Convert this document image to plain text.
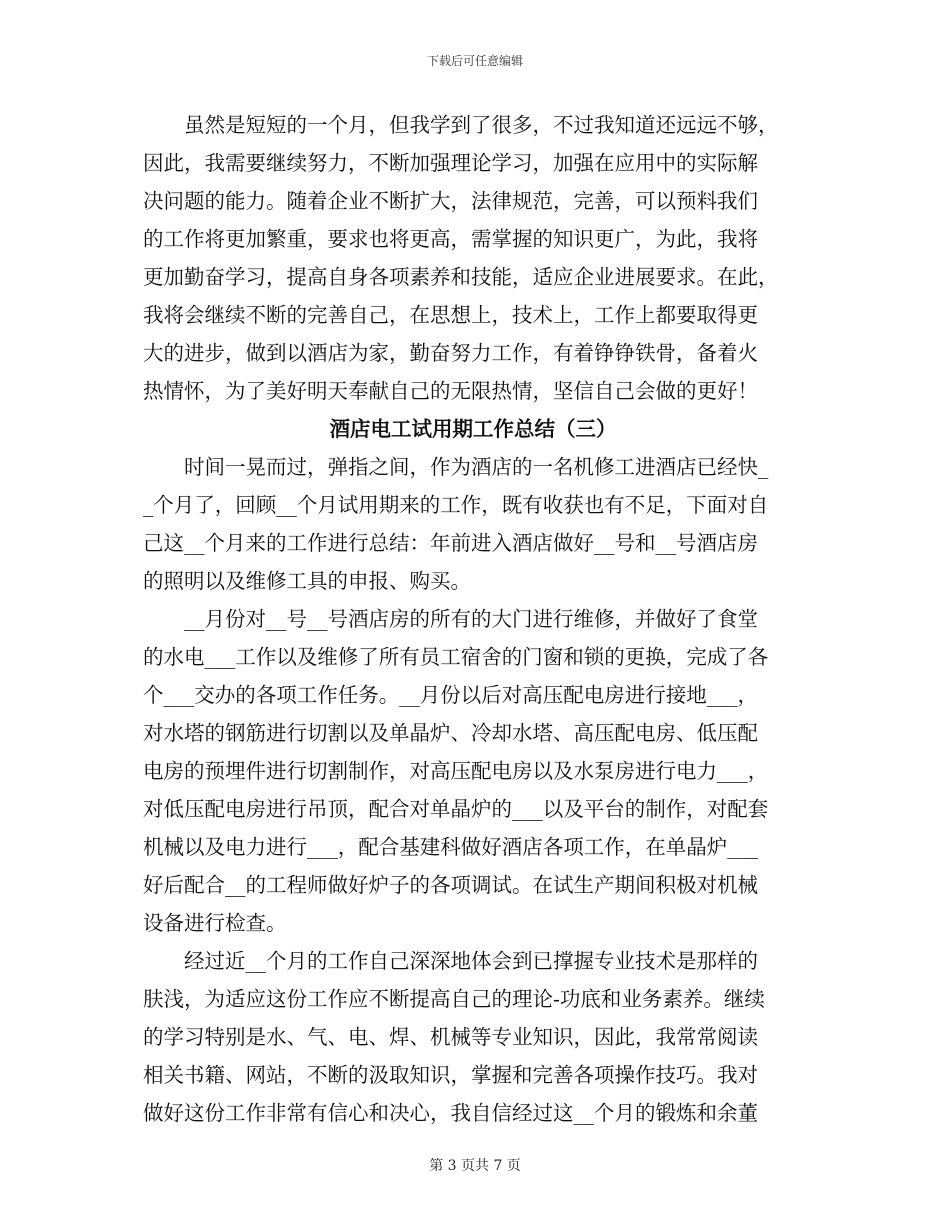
下载后可任意编辑
　　虽然是短短的一个月，但我学到了很多，不过我知道还远远不够，
因此，我需要继续努力，不断加强理论学习，加强在应用中的实际解
决问题的能力。随着企业不断扩大，法律规范，完善，可以预料我们
的工作将更加繁重，要求也将更高，需掌握的知识更广，为此，我将
更加勤奋学习，提高自身各项素养和技能，适应企业进展要求。在此，
我将会继续不断的完善自己，在思想上，技术上，工作上都要取得更
大的进步，做到以酒店为家，勤奋努力工作，有着铮铮铁骨，备着火
热情怀，为了美好明天奉献自己的无限热情，坚信自己会做的更好！
酒店电工试用期工作总结（三）
　　时间一晃而过，弹指之间，作为酒店的一名机修工进酒店已经快_
_个月了，回顾__个月试用期来的工作，既有收获也有不足，下面对自
己这__个月来的工作进行总结：年前进入酒店做好__号和__号酒店房
的照明以及维修工具的申报、购买。
　　__月份对__号__号酒店房的所有的大门进行维修，并做好了食堂
的水电___工作以及维修了所有员工宿舍的门窗和锁的更换，完成了各
个___交办的各项工作任务。__月份以后对高压配电房进行接地___，
对水塔的钢筋进行切割以及单晶炉、冷却水塔、高压配电房、低压配
电房的预埋件进行切割制作，对高压配电房以及水泵房进行电力___，
对低压配电房进行吊顶，配合对单晶炉的___以及平台的制作，对配套
机械以及电力进行___，配合基建科做好酒店各项工作，在单晶炉___
好后配合__的工程师做好炉子的各项调试。在试生产期间积极对机械
设备进行检查。
　　经过近__个月的工作自己深深地体会到已撑握专业技术是那样的
肤浅，为适应这份工作应不断提高自己的理论-功底和业务素养。继续
的学习特别是水、气、电、焊、机械等专业知识，因此，我常常阅读
相关书籍、网站，不断的汲取知识，掌握和完善各项操作技巧。我对
做好这份工作非常有信心和决心，我自信经过这__个月的锻炼和余董
第 3 页共 7 页
